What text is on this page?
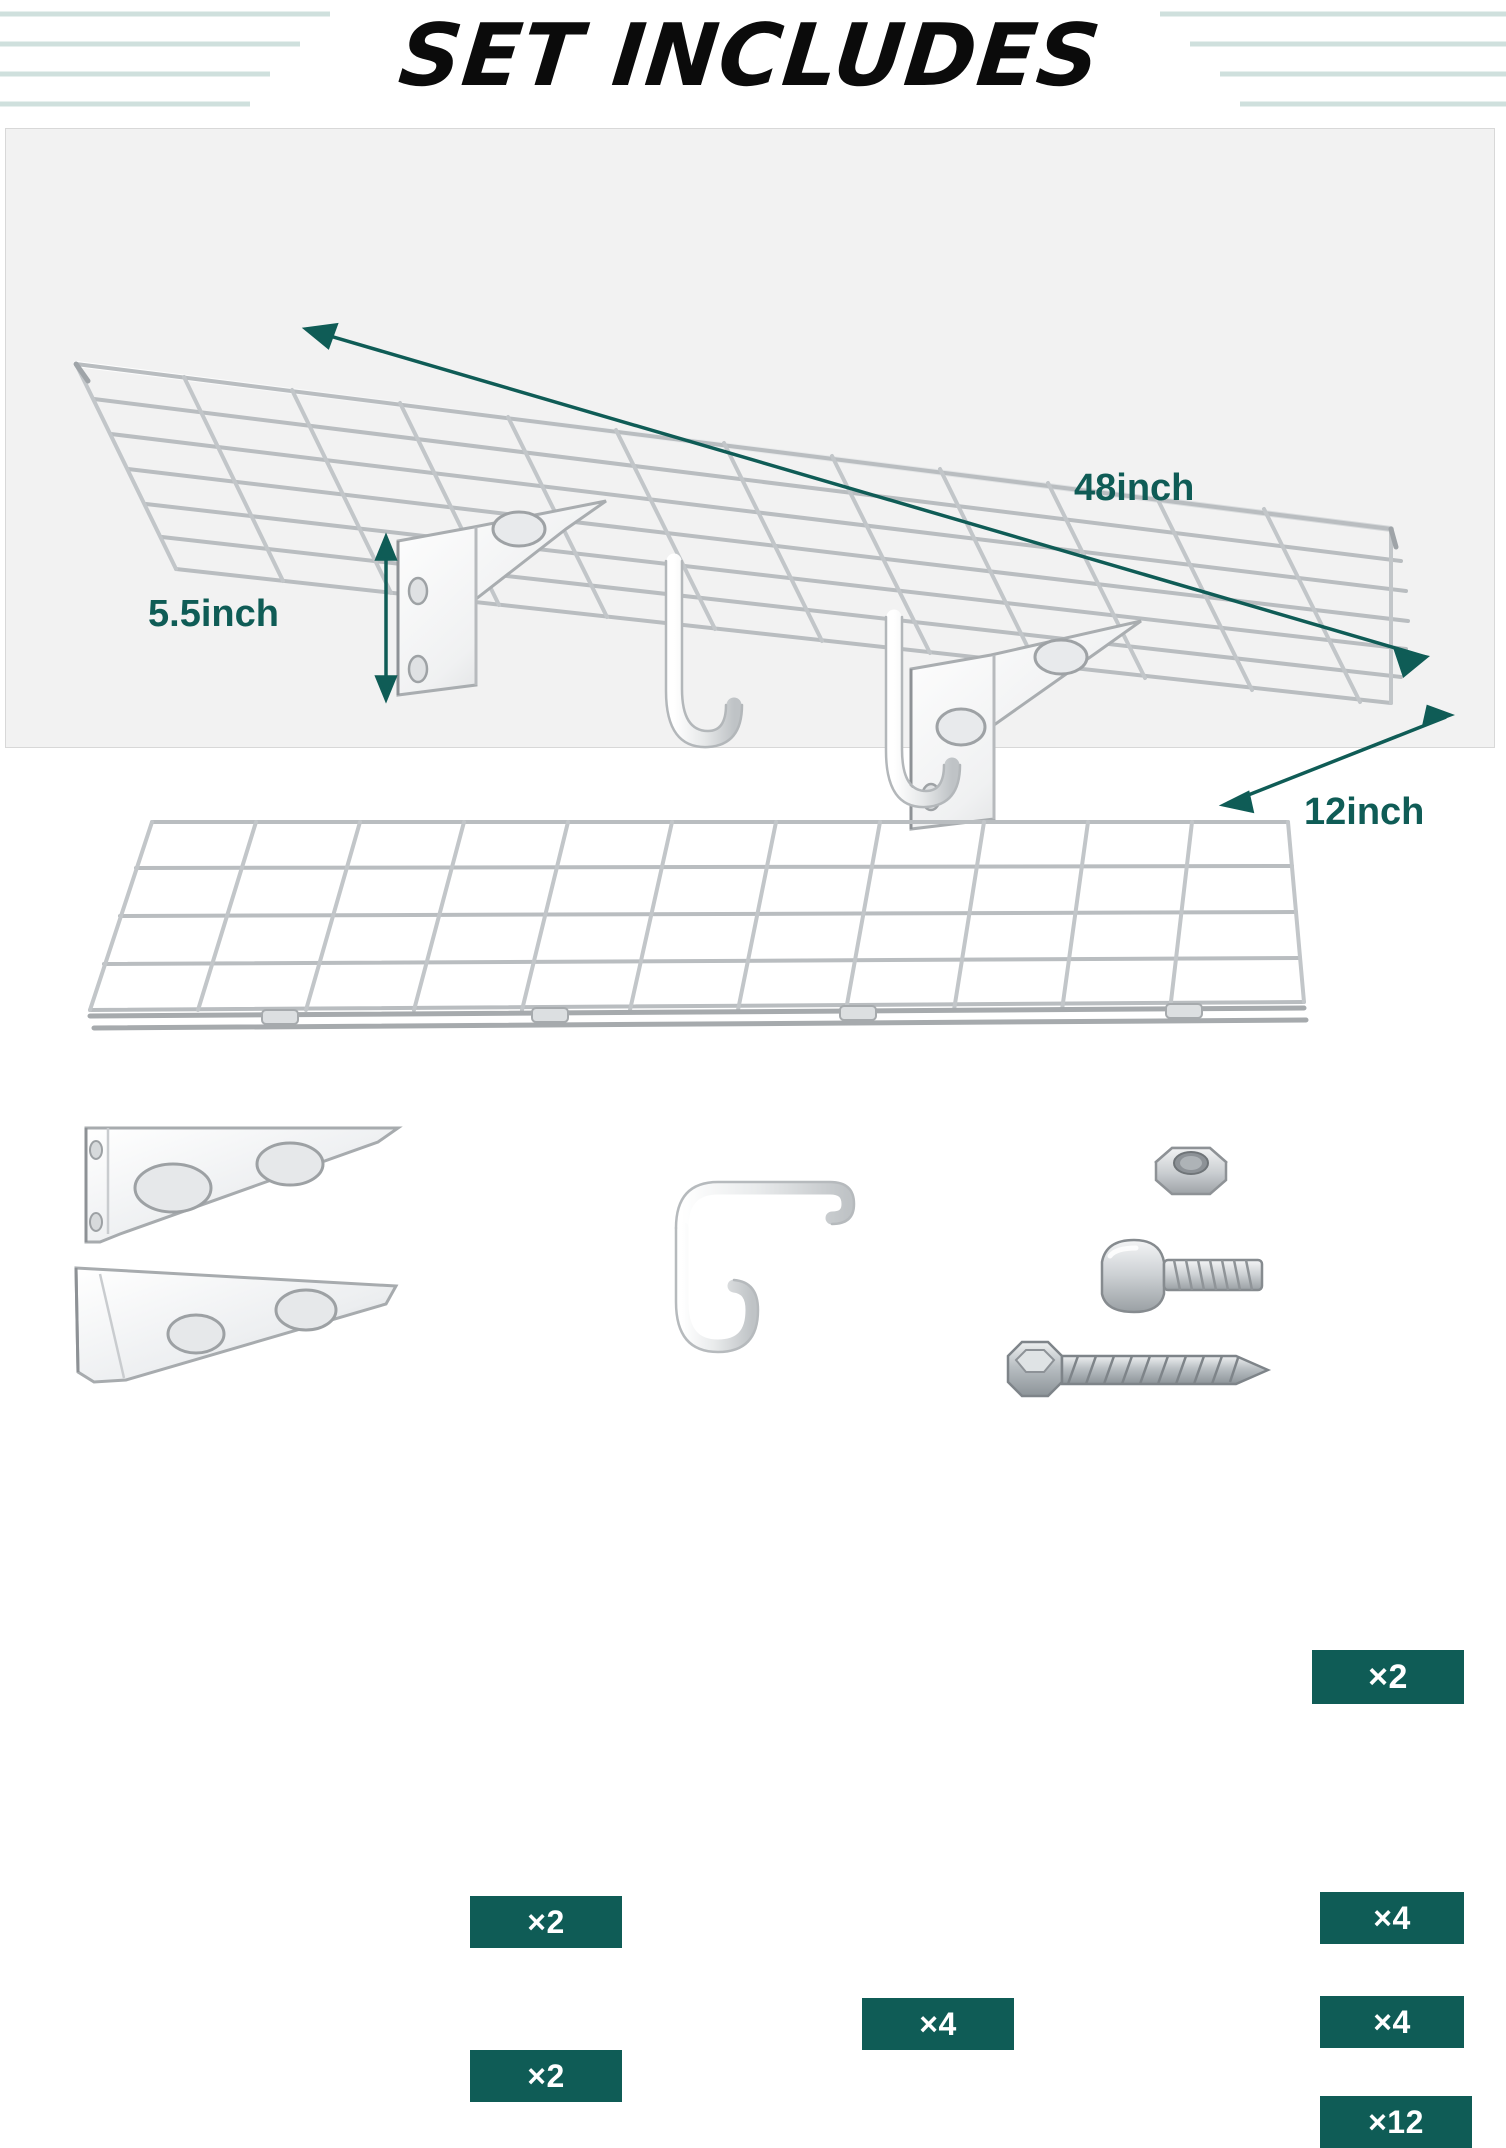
SET INCLUDES
48inch
5.5inch
12inch
×2
×2
×2
×4
×4
×4
×12
